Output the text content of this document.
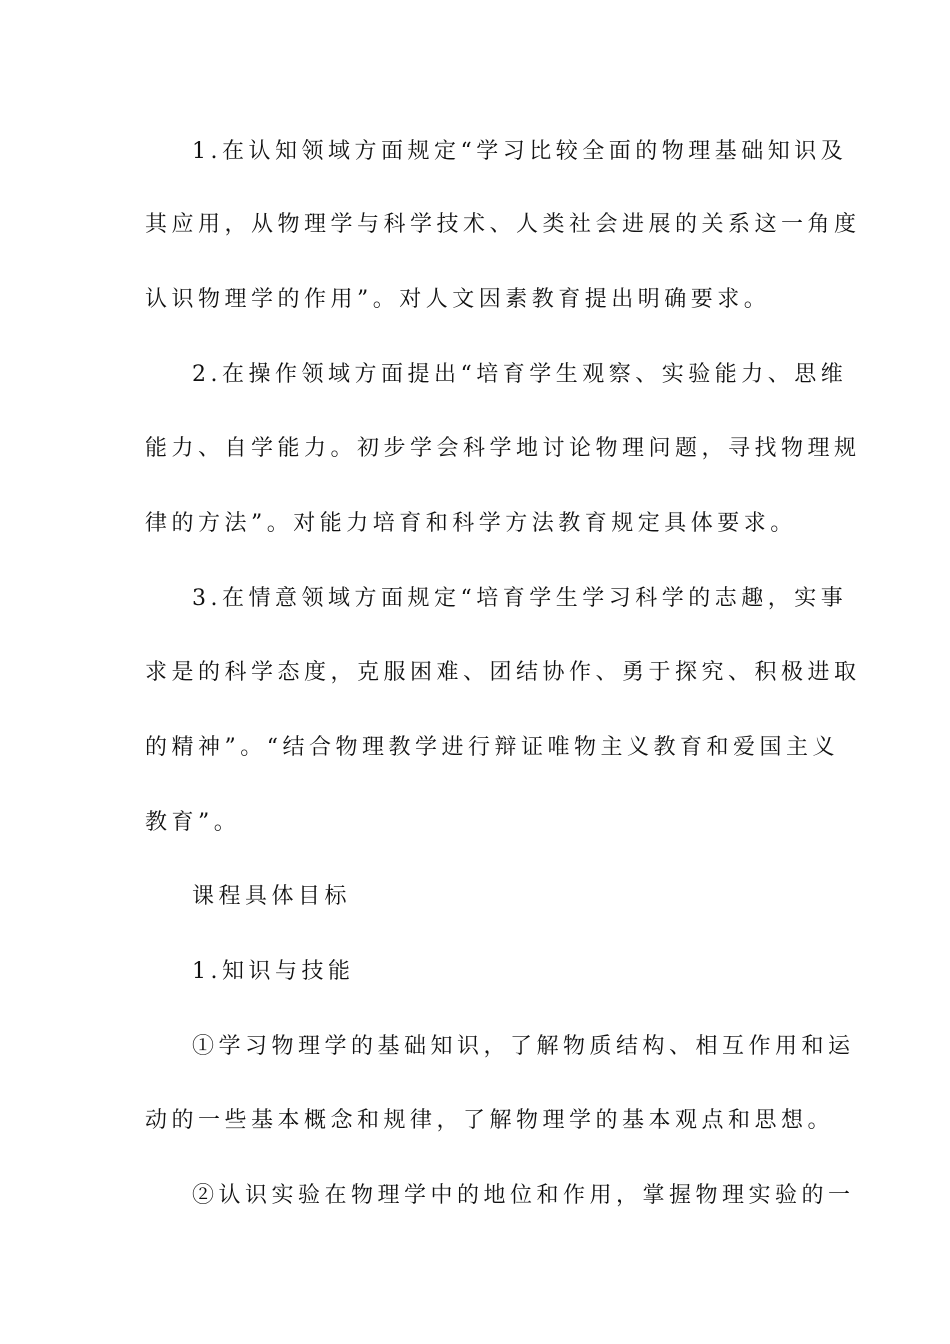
1.在认知领域方面规定“学习比较全面的物理基础知识及
其应用，从物理学与科学技术、人类社会进展的关系这一角度
认识物理学的作用”。对人文因素教育提出明确要求。
2.在操作领域方面提出“培育学生观察、实验能力、思维
能力、自学能力。初步学会科学地讨论物理问题，寻找物理规
律的方法”。对能力培育和科学方法教育规定具体要求。
3.在情意领域方面规定“培育学生学习科学的志趣，实事
求是的科学态度，克服困难、团结协作、勇于探究、积极进取
的精神”。“结合物理教学进行辩证唯物主义教育和爱国主义
教育”。
课程具体目标
1.知识与技能
①学习物理学的基础知识，了解物质结构、相互作用和运
动的一些基本概念和规律，了解物理学的基本观点和思想。
②认识实验在物理学中的地位和作用，掌握物理实验的一
